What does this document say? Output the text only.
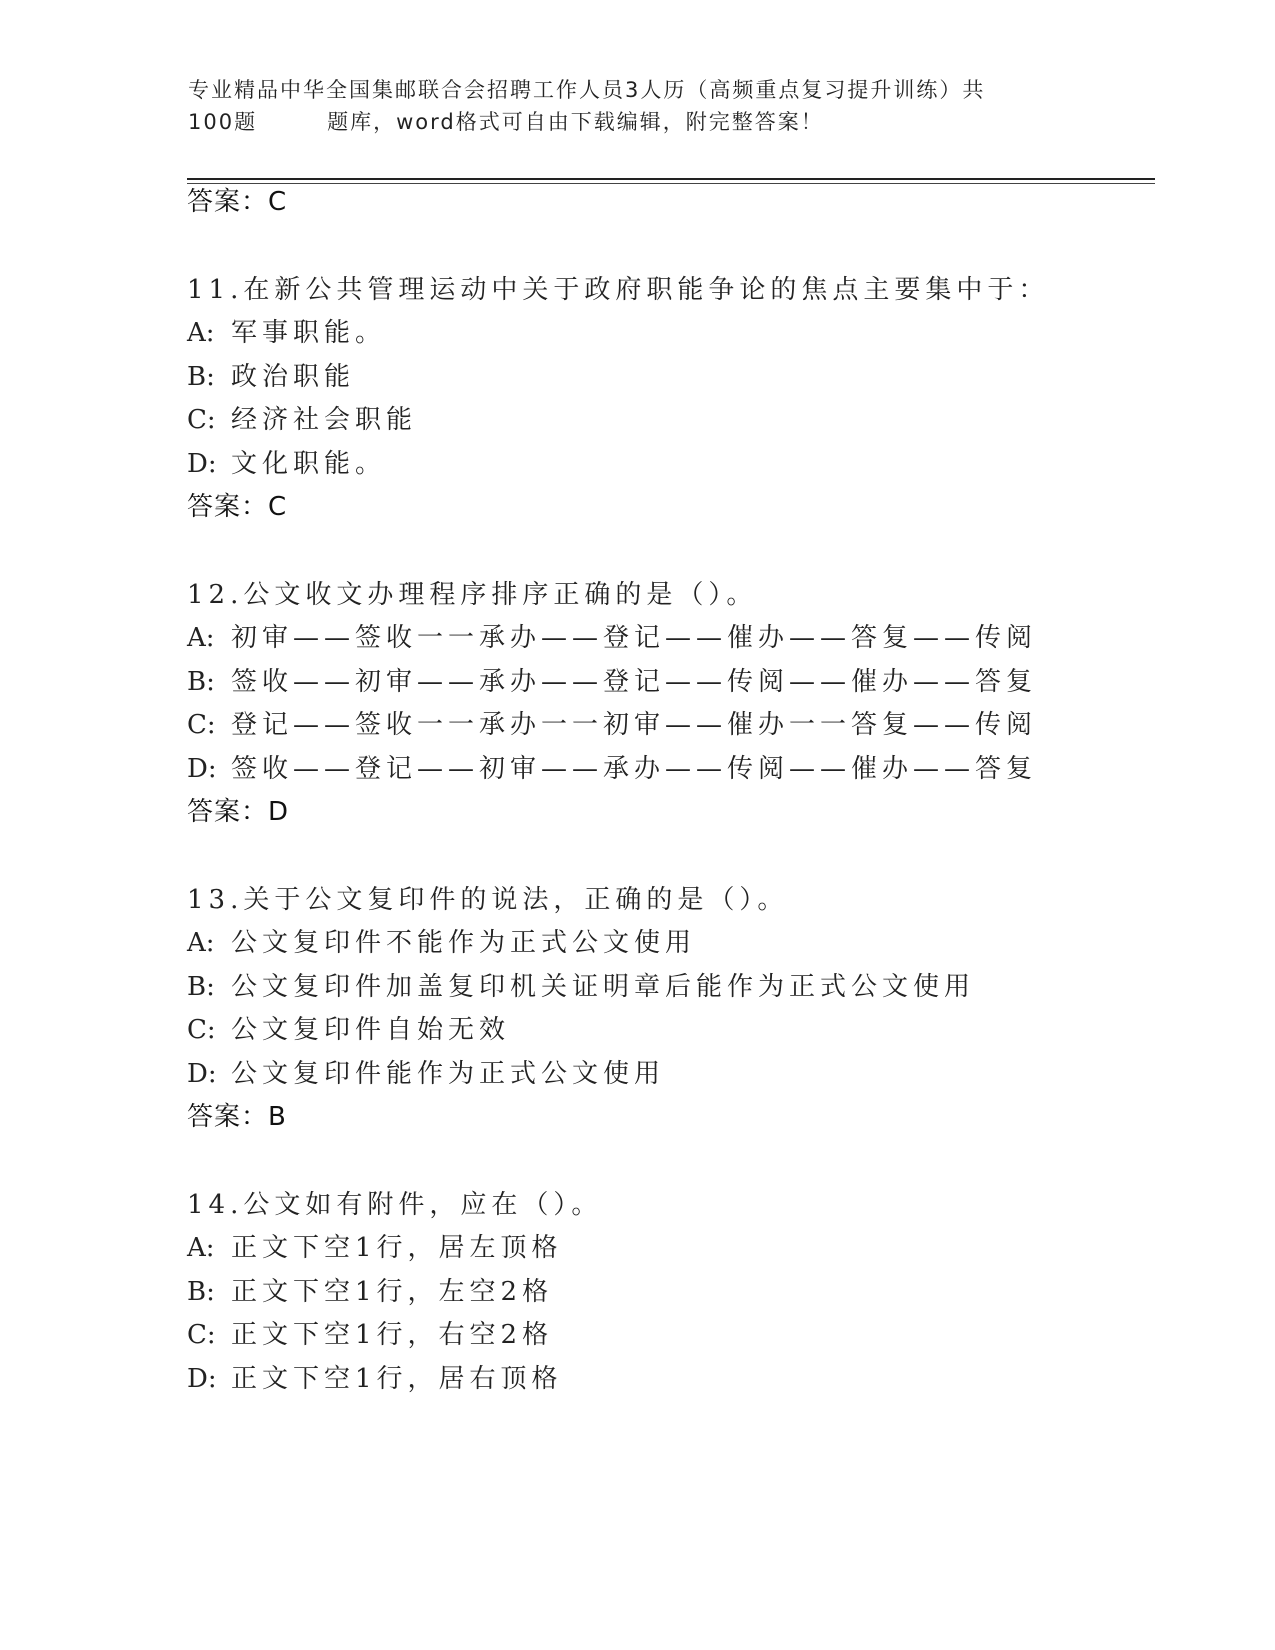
专业精品中华全国集邮联合会招聘工作人员3人历（高频重点复习提升训练）共
100题	题库，word格式可自由下载编辑，附完整答案！
答案：C
11.在新公共管理运动中关于政府职能争论的焦点主要集中于：
A: 军事职能。
B: 政治职能
C: 经济社会职能
D: 文化职能。
答案：C
12.公文收文办理程序排序正确的是（）。
A: 初审——签收一一承办——登记——催办——答复——传阅
B: 签收——初审——承办——登记——传阅——催办——答复
C: 登记——签收一一承办一一初审——催办一一答复——传阅
D: 签收——登记——初审——承办——传阅——催办——答复
答案：D
13.关于公文复印件的说法，正确的是（）。
A: 公文复印件不能作为正式公文使用
B: 公文复印件加盖复印机关证明章后能作为正式公文使用
C: 公文复印件自始无效
D: 公文复印件能作为正式公文使用
答案：B
14.公文如有附件，应在（）。
A: 正文下空1行，居左顶格
B: 正文下空1行，左空2格
C: 正文下空1行，右空2格
D: 正文下空1行，居右顶格
